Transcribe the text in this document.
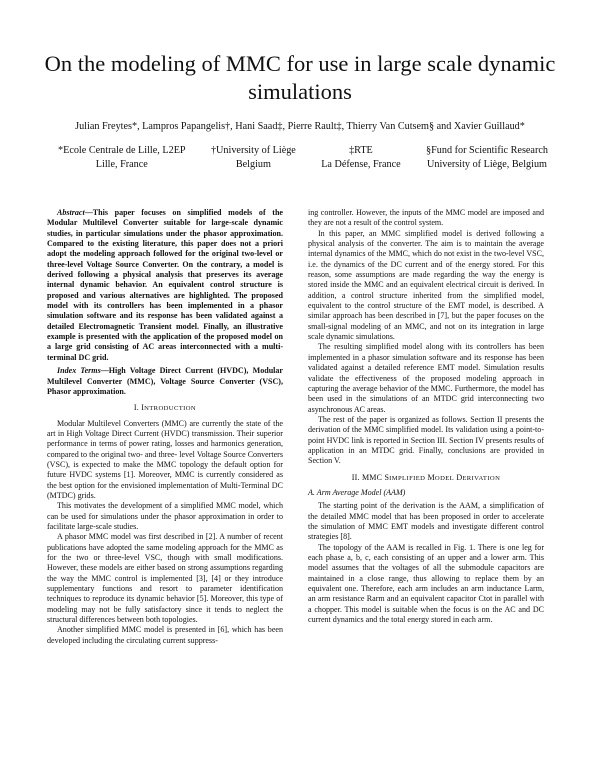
On the modeling of MMC for use in large scale dynamic simulations
Julian Freytes*, Lampros Papangelis†, Hani Saad‡, Pierre Rault‡, Thierry Van Cutsem§ and Xavier Guillaud*
*Ecole Centrale de Lille, L2EP
Lille, France
†University of Liège
Belgium
‡RTE
La Défense, France
§Fund for Scientific Research
University of Liège, Belgium

Abstract—This paper focuses on simplified models of the Modular Multilevel Converter suitable for large-scale dynamic studies, in particular simulations under the phasor approximation. Compared to the existing literature, this paper does not a priori adopt the modeling approach followed for the original two-level or three-level Voltage Source Converter. On the contrary, a model is derived following a physical analysis that preserves its average internal dynamic behavior. An equivalent control structure is proposed and various alternatives are highlighted. The proposed model with its controllers has been implemented in a phasor simulation software and its response has been validated against a detailed Electromagnetic Transient model. Finally, an illustrative example is presented with the application of the proposed model on a large grid consisting of AC areas interconnected with a multi-terminal DC grid.

Index Terms—High Voltage Direct Current (HVDC), Modular Multilevel Converter (MMC), Voltage Source Converter (VSC), Phasor approximation.

I. INTRODUCTION

Modular Multilevel Converters (MMC) are currently the state of the art in High Voltage Direct Current (HVDC) transmission. Their superior performance in terms of power rating, losses and harmonics generation, compared to the original two- and three- level Voltage Source Converters (VSC), is expected to make the MMC topology the default option for future HVDC systems [1]. Moreover, MMC is currently considered as the best option for the envisioned implementation of Multi-Terminal DC (MTDC) grids.

This motivates the development of a simplified MMC model, which can be used for simulations under the phasor approximation in order to facilitate large-scale studies.

A phasor MMC model was first described in [2]. A number of recent publications have adopted the same modeling approach for the MMC as for the two or three-level VSC, though with small modifications. However, these models are either based on strong assumptions regarding the way the MMC control is implemented [3], [4] or they introduce supplementary functions and resort to parameter identification techniques to reproduce its dynamic behavior [5]. Moreover, this type of modeling may not be fully satisfactory since it tends to neglect the structural differences between both topologies.

Another simplified MMC model is presented in [6], which has been developed including the circulating current suppress-

ing controller. However, the inputs of the MMC model are imposed and they are not a result of the control system.

In this paper, an MMC simplified model is derived following a physical analysis of the converter. The aim is to maintain the average internal dynamics of the MMC, which do not exist in the two-level VSC, i.e. the dynamics of the DC current and of the energy stored. For this reason, some assumptions are made regarding the way the energy is stored inside the MMC and an equivalent electrical circuit is derived. In addition, a control structure inherited from the simplified model, equivalent to the control structure of the EMT model, is described. A similar approach has been described in [7], but the paper focuses on the small-signal modeling of an MMC, and not on its integration in large scale dynamic simulations.

The resulting simplified model along with its controllers has been implemented in a phasor simulation software and its response has been validated against a detailed reference EMT model. Simulation results validate the effectiveness of the proposed modeling approach in capturing the average behavior of the MMC. Furthermore, the model has been used in the simulations of an MTDC grid interconnecting two asynchronous AC areas.

The rest of the paper is organized as follows. Section II presents the derivation of the MMC simplified model. Its validation using a point-to-point HVDC link is reported in Section III. Section IV presents results of application in an MTDC grid. Finally, conclusions are provided in Section V.

II. MMC SIMPLIFIED MODEL DERIVATION
A. Arm Average Model (AAM)

The starting point of the derivation is the AAM, a simplification of the detailed MMC model that has been proposed in order to accelerate the simulation of MMC EMT models and investigate different control strategies [8].

The topology of the AAM is recalled in Fig. 1. There is one leg for each phase a, b, c, each consisting of an upper and a lower arm. This model assumes that the voltages of all the submodule capacitors are maintained in a close range, thus allowing to replace them by an equivalent one. Therefore, each arm includes an arm inductance Larm, an arm resistance Rarm and an equivalent capacitor Ctot in parallel with a chopper. This model is suitable when the focus is on the AC and DC current dynamics and the total energy stored in each arm.
